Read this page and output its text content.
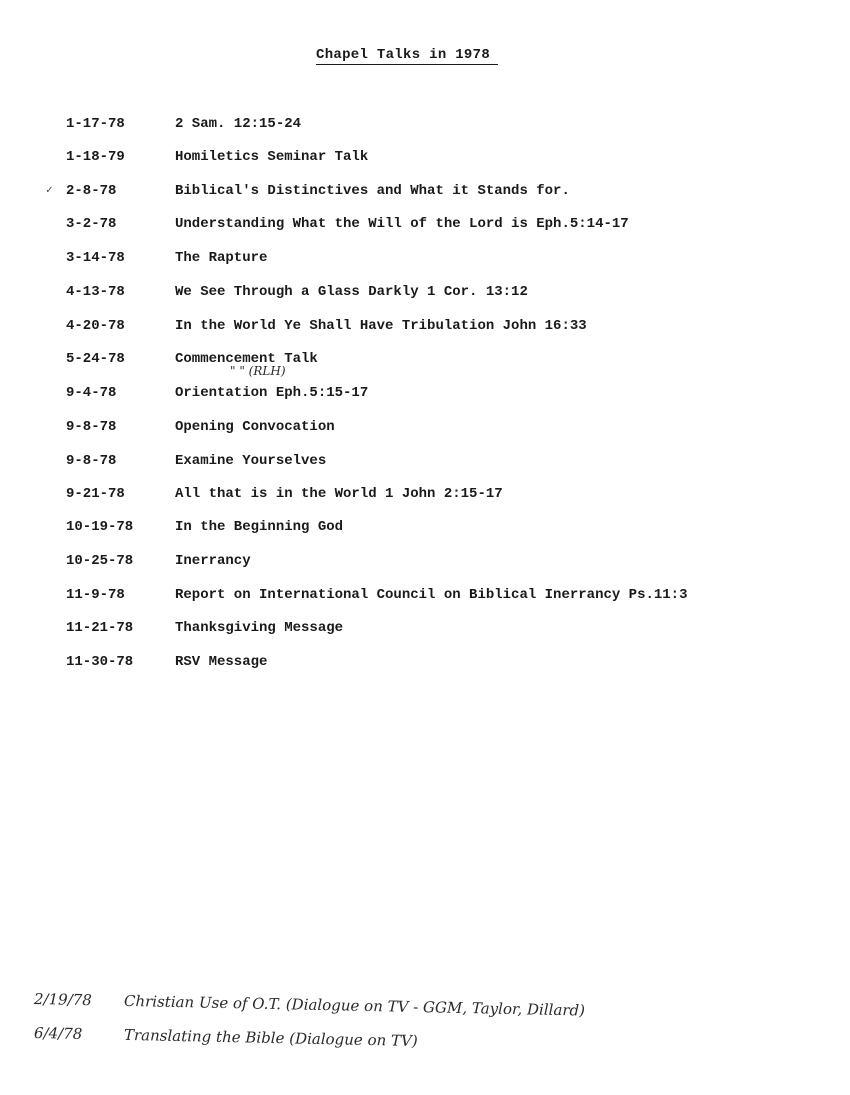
Chapel Talks in 1978
1-17-78	2 Sam. 12:15-24
1-18-79	Homiletics Seminar Talk
✓ 2-8-78	Biblical's Distinctives and What it Stands for.
3-2-78	Understanding What the Will of the Lord is Eph.5:14-17
3-14-78	The Rapture
4-13-78	We See Through a Glass Darkly 1 Cor. 13:12
4-20-78	In the World Ye Shall Have Tribulation John 16:33
5-24-78	Commencement Talk
" " (RLH)
9-4-78	Orientation Eph.5:15-17
9-8-78	Opening Convocation
9-8-78	Examine Yourselves
9-21-78	All that is in the World 1 John 2:15-17
10-19-78	In the Beginning God
10-25-78	Inerrancy
11-9-78	Report on International Council on Biblical Inerrancy Ps.11:3
11-21-78	Thanksgiving Message
11-30-78	RSV Message
2/19/78 Christian Use of O.T. (Dialogue on TV - GGM, Taylor, Dillard)
6/4/78	Translating the Bible (Dialogue on TV)
